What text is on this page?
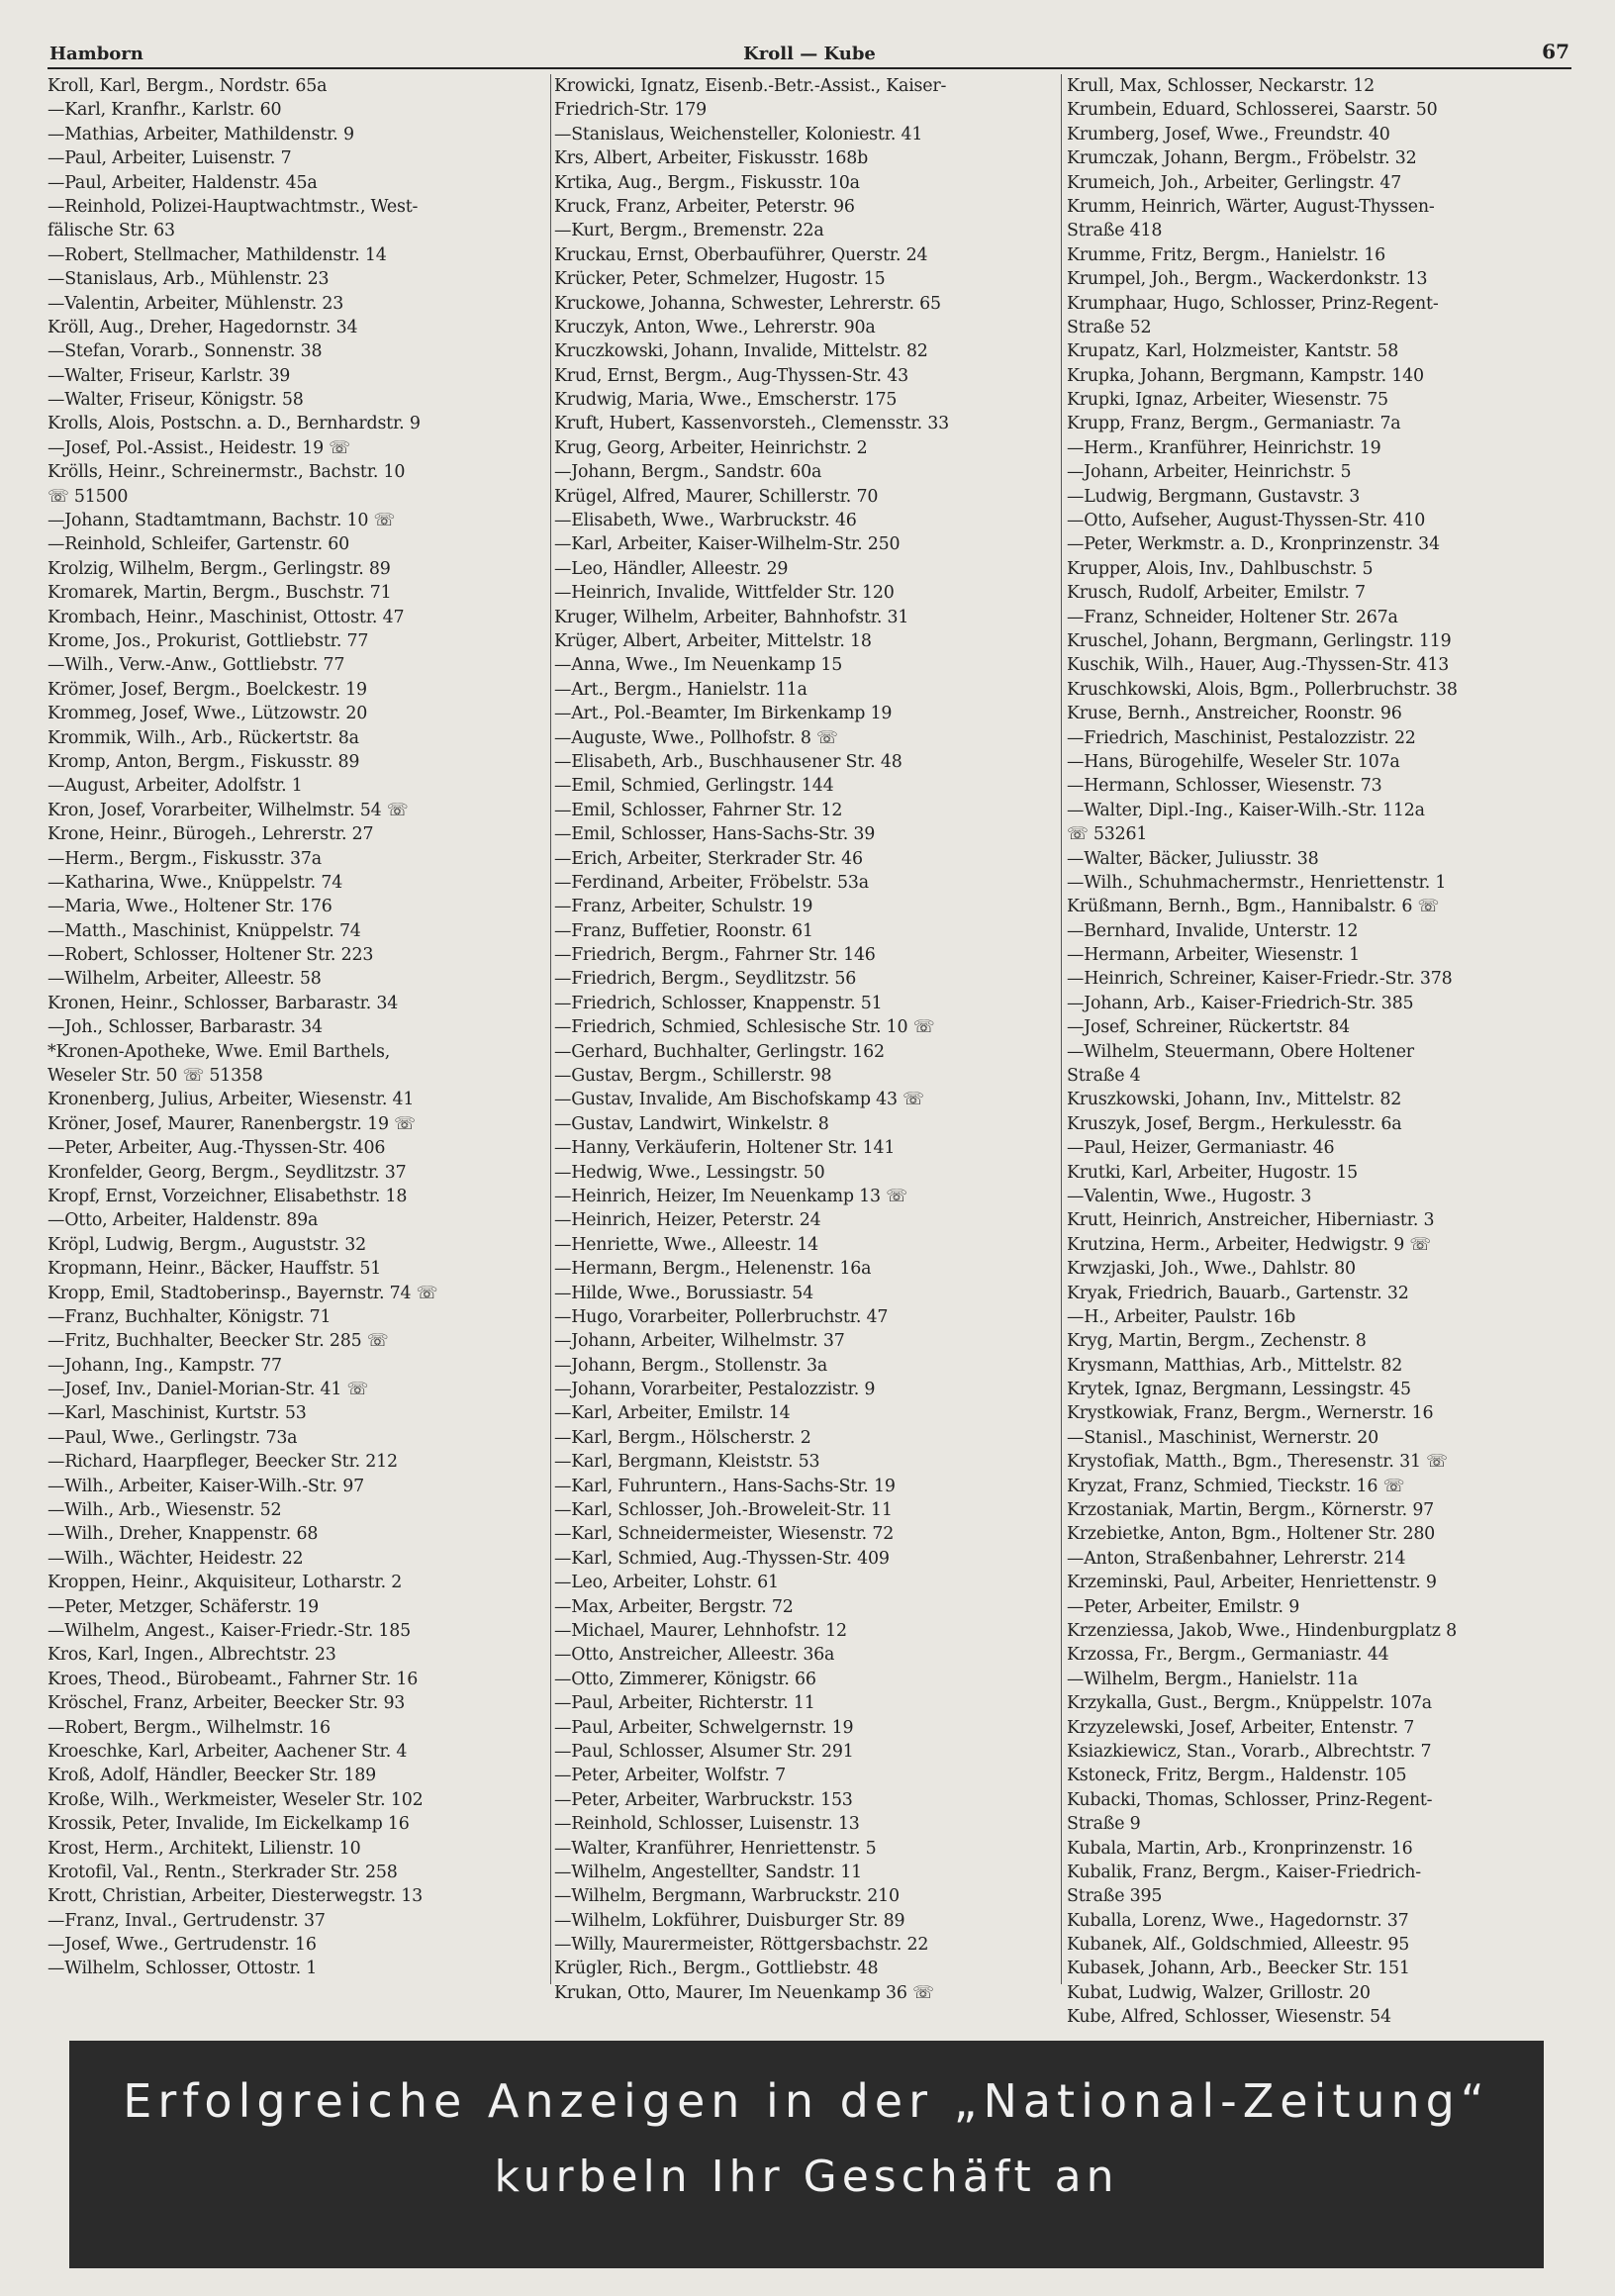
Hamborn	Kroll — Kube	67
Kroll, Karl, Bergm., Nordstr. 65a
—Karl, Kranfhr., Karlstr. 60
—Mathias, Arbeiter, Mathildenstr. 9
—Paul, Arbeiter, Luisenstr. 7
—Paul, Arbeiter, Haldenstr. 45a
—Reinhold, Polizei-Hauptwachtmstr., West-
fälische Str. 63
—Robert, Stellmacher, Mathildenstr. 14
—Stanislaus, Arb., Mühlenstr. 23
—Valentin, Arbeiter, Mühlenstr. 23
Kröll, Aug., Dreher, Hagedornstr. 34
—Stefan, Vorarb., Sonnenstr. 38
—Walter, Friseur, Karlstr. 39
—Walter, Friseur, Königstr. 58
Krolls, Alois, Postschn. a. D., Bernhardstr. 9
—Josef, Pol.-Assist., Heidestr. 19 ☏
Krölls, Heinr., Schreinermstr., Bachstr. 10
☏ 51500
—Johann, Stadtamtmann, Bachstr. 10 ☏
—Reinhold, Schleifer, Gartenstr. 60
Krolzig, Wilhelm, Bergm., Gerlingstr. 89
Kromarek, Martin, Bergm., Buschstr. 71
Krombach, Heinr., Maschinist, Ottostr. 47
Krome, Jos., Prokurist, Gottliebstr. 77
—Wilh., Verw.-Anw., Gottliebstr. 77
Krömer, Josef, Bergm., Boelckestr. 19
Krommeg, Josef, Wwe., Lützowstr. 20
Krommik, Wilh., Arb., Rückertstr. 8a
Kromp, Anton, Bergm., Fiskusstr. 89
—August, Arbeiter, Adolfstr. 1
Kron, Josef, Vorarbeiter, Wilhelmstr. 54 ☏
Krone, Heinr., Bürogeh., Lehrerstr. 27
—Herm., Bergm., Fiskusstr. 37a
—Katharina, Wwe., Knüppelstr. 74
—Maria, Wwe., Holtener Str. 176
—Matth., Maschinist, Knüppelstr. 74
—Robert, Schlosser, Holtener Str. 223
—Wilhelm, Arbeiter, Alleestr. 58
Kronen, Heinr., Schlosser, Barbarastr. 34
—Joh., Schlosser, Barbarastr. 34
*Kronen-Apotheke, Wwe. Emil Barthels,
Weseler Str. 50 ☏ 51358
Kronenberg, Julius, Arbeiter, Wiesenstr. 41
Kröner, Josef, Maurer, Ranenbergstr. 19 ☏
—Peter, Arbeiter, Aug.-Thyssen-Str. 406
Kronfelder, Georg, Bergm., Seydlitzstr. 37
Kropf, Ernst, Vorzeichner, Elisabethstr. 18
—Otto, Arbeiter, Haldenstr. 89a
Kröpl, Ludwig, Bergm., Auguststr. 32
Kropmann, Heinr., Bäcker, Hauffstr. 51
Kropp, Emil, Stadtoberinsp., Bayernstr. 74 ☏
—Franz, Buchhalter, Königstr. 71
—Fritz, Buchhalter, Beecker Str. 285 ☏
—Johann, Ing., Kampstr. 77
—Josef, Inv., Daniel-Morian-Str. 41 ☏
—Karl, Maschinist, Kurtstr. 53
—Paul, Wwe., Gerlingstr. 73a
—Richard, Haarpfleger, Beecker Str. 212
—Wilh., Arbeiter, Kaiser-Wilh.-Str. 97
—Wilh., Arb., Wiesenstr. 52
—Wilh., Dreher, Knappenstr. 68
—Wilh., Wächter, Heidestr. 22
Kroppen, Heinr., Akquisiteur, Lotharstr. 2
—Peter, Metzger, Schäferstr. 19
—Wilhelm, Angest., Kaiser-Friedr.-Str. 185
Kros, Karl, Ingen., Albrechtstr. 23
Kroes, Theod., Bürobeamt., Fahrner Str. 16
Kröschel, Franz, Arbeiter, Beecker Str. 93
—Robert, Bergm., Wilhelmstr. 16
Kroeschke, Karl, Arbeiter, Aachener Str. 4
Kroß, Adolf, Händler, Beecker Str. 189
Kroße, Wilh., Werkmeister, Weseler Str. 102
Krossik, Peter, Invalide, Im Eickelkamp 16
Krost, Herm., Architekt, Lilienstr. 10
Krotofil, Val., Rentn., Sterkrader Str. 258
Krott, Christian, Arbeiter, Diesterwegstr. 13
—Franz, Inval., Gertrudenstr. 37
—Josef, Wwe., Gertrudenstr. 16
—Wilhelm, Schlosser, Ottostr. 1
Krowicki, Ignatz, Eisenb.-Betr.-Assist., Kaiser-
Friedrich-Str. 179
—Stanislaus, Weichensteller, Koloniestr. 41
Krs, Albert, Arbeiter, Fiskusstr. 168b
Krtika, Aug., Bergm., Fiskusstr. 10a
Kruck, Franz, Arbeiter, Peterstr. 96
—Kurt, Bergm., Bremenstr. 22a
Kruckau, Ernst, Oberbauführer, Querstr. 24
Krücker, Peter, Schmelzer, Hugostr. 15
Kruckowe, Johanna, Schwester, Lehrerstr. 65
Kruczyk, Anton, Wwe., Lehrerstr. 90a
Kruczkowski, Johann, Invalide, Mittelstr. 82
Krud, Ernst, Bergm., Aug-Thyssen-Str. 43
Krudwig, Maria, Wwe., Emscherstr. 175
Kruft, Hubert, Kassenvorsteh., Clemensstr. 33
Krug, Georg, Arbeiter, Heinrichstr. 2
—Johann, Bergm., Sandstr. 60a
Krügel, Alfred, Maurer, Schillerstr. 70
—Elisabeth, Wwe., Warbruckstr. 46
—Karl, Arbeiter, Kaiser-Wilhelm-Str. 250
—Leo, Händler, Alleestr. 29
—Heinrich, Invalide, Wittfelder Str. 120
Kruger, Wilhelm, Arbeiter, Bahnhofstr. 31
Krüger, Albert, Arbeiter, Mittelstr. 18
—Anna, Wwe., Im Neuenkamp 15
—Art., Bergm., Hanielstr. 11a
—Art., Pol.-Beamter, Im Birkenkamp 19
—Auguste, Wwe., Pollhofstr. 8 ☏
—Elisabeth, Arb., Buschhausener Str. 48
—Emil, Schmied, Gerlingstr. 144
—Emil, Schlosser, Fahrner Str. 12
—Emil, Schlosser, Hans-Sachs-Str. 39
—Erich, Arbeiter, Sterkrader Str. 46
—Ferdinand, Arbeiter, Fröbelstr. 53a
—Franz, Arbeiter, Schulstr. 19
—Franz, Buffetier, Roonstr. 61
—Friedrich, Bergm., Fahrner Str. 146
—Friedrich, Bergm., Seydlitzstr. 56
—Friedrich, Schlosser, Knappenstr. 51
—Friedrich, Schmied, Schlesische Str. 10 ☏
—Gerhard, Buchhalter, Gerlingstr. 162
—Gustav, Bergm., Schillerstr. 98
—Gustav, Invalide, Am Bischofskamp 43 ☏
—Gustav, Landwirt, Winkelstr. 8
—Hanny, Verkäuferin, Holtener Str. 141
—Hedwig, Wwe., Lessingstr. 50
—Heinrich, Heizer, Im Neuenkamp 13 ☏
—Heinrich, Heizer, Peterstr. 24
—Henriette, Wwe., Alleestr. 14
—Hermann, Bergm., Helenenstr. 16a
—Hilde, Wwe., Borussiastr. 54
—Hugo, Vorarbeiter, Pollerbruchstr. 47
—Johann, Arbeiter, Wilhelmstr. 37
—Johann, Bergm., Stollenstr. 3a
—Johann, Vorarbeiter, Pestalozzistr. 9
—Karl, Arbeiter, Emilstr. 14
—Karl, Bergm., Hölscherstr. 2
—Karl, Bergmann, Kleiststr. 53
—Karl, Fuhruntern., Hans-Sachs-Str. 19
—Karl, Schlosser, Joh.-Broweleit-Str. 11
—Karl, Schneidermeister, Wiesenstr. 72
—Karl, Schmied, Aug.-Thyssen-Str. 409
—Leo, Arbeiter, Lohstr. 61
—Max, Arbeiter, Bergstr. 72
—Michael, Maurer, Lehnhofstr. 12
—Otto, Anstreicher, Alleestr. 36a
—Otto, Zimmerer, Königstr. 66
—Paul, Arbeiter, Richterstr. 11
—Paul, Arbeiter, Schwelgernstr. 19
—Paul, Schlosser, Alsumer Str. 291
—Peter, Arbeiter, Wolfstr. 7
—Peter, Arbeiter, Warbruckstr. 153
—Reinhold, Schlosser, Luisenstr. 13
—Walter, Kranführer, Henriettenstr. 5
—Wilhelm, Angestellter, Sandstr. 11
—Wilhelm, Bergmann, Warbruckstr. 210
—Wilhelm, Lokführer, Duisburger Str. 89
—Willy, Maurermeister, Röttgersbachstr. 22
Krügler, Rich., Bergm., Gottliebstr. 48
Krukan, Otto, Maurer, Im Neuenkamp 36 ☏
Krull, Max, Schlosser, Neckarstr. 12
Krumbein, Eduard, Schlosserei, Saarstr. 50
Krumberg, Josef, Wwe., Freundstr. 40
Krumczak, Johann, Bergm., Fröbelstr. 32
Krumeich, Joh., Arbeiter, Gerlingstr. 47
Krumm, Heinrich, Wärter, August-Thyssen-
Straße 418
Krumme, Fritz, Bergm., Hanielstr. 16
Krumpel, Joh., Bergm., Wackerdonkstr. 13
Krumphaar, Hugo, Schlosser, Prinz-Regent-
Straße 52
Krupatz, Karl, Holzmeister, Kantstr. 58
Krupka, Johann, Bergmann, Kampstr. 140
Krupki, Ignaz, Arbeiter, Wiesenstr. 75
Krupp, Franz, Bergm., Germaniastr. 7a
—Herm., Kranführer, Heinrichstr. 19
—Johann, Arbeiter, Heinrichstr. 5
—Ludwig, Bergmann, Gustavstr. 3
—Otto, Aufseher, August-Thyssen-Str. 410
—Peter, Werkmstr. a. D., Kronprinzenstr. 34
Krupper, Alois, Inv., Dahlbuschstr. 5
Krusch, Rudolf, Arbeiter, Emilstr. 7
—Franz, Schneider, Holtener Str. 267a
Kruschel, Johann, Bergmann, Gerlingstr. 119
Kuschik, Wilh., Hauer, Aug.-Thyssen-Str. 413
Kruschkowski, Alois, Bgm., Pollerbruchstr. 38
Kruse, Bernh., Anstreicher, Roonstr. 96
—Friedrich, Maschinist, Pestalozzistr. 22
—Hans, Bürogehilfe, Weseler Str. 107a
—Hermann, Schlosser, Wiesenstr. 73
—Walter, Dipl.-Ing., Kaiser-Wilh.-Str. 112a
☏ 53261
—Walter, Bäcker, Juliusstr. 38
—Wilh., Schuhmachermstr., Henriettenstr. 1
Krüßmann, Bernh., Bgm., Hannibalstr. 6 ☏
—Bernhard, Invalide, Unterstr. 12
—Hermann, Arbeiter, Wiesenstr. 1
—Heinrich, Schreiner, Kaiser-Friedr.-Str. 378
—Johann, Arb., Kaiser-Friedrich-Str. 385
—Josef, Schreiner, Rückertstr. 84
—Wilhelm, Steuermann, Obere Holtener
Straße 4
Kruszkowski, Johann, Inv., Mittelstr. 82
Kruszyk, Josef, Bergm., Herkulesstr. 6a
—Paul, Heizer, Germaniastr. 46
Krutki, Karl, Arbeiter, Hugostr. 15
—Valentin, Wwe., Hugostr. 3
Krutt, Heinrich, Anstreicher, Hiberniastr. 3
Krutzina, Herm., Arbeiter, Hedwigstr. 9 ☏
Krwzjaski, Joh., Wwe., Dahlstr. 80
Kryak, Friedrich, Bauarb., Gartenstr. 32
—H., Arbeiter, Paulstr. 16b
Kryg, Martin, Bergm., Zechenstr. 8
Krysmann, Matthias, Arb., Mittelstr. 82
Krytek, Ignaz, Bergmann, Lessingstr. 45
Krystkowiak, Franz, Bergm., Wernerstr. 16
—Stanisl., Maschinist, Wernerstr. 20
Krystofiak, Matth., Bgm., Theresenstr. 31 ☏
Kryzat, Franz, Schmied, Tieckstr. 16 ☏
Krzostaniak, Martin, Bergm., Körnerstr. 97
Krzebietke, Anton, Bgm., Holtener Str. 280
—Anton, Straßenbahner, Lehrerstr. 214
Krzeminski, Paul, Arbeiter, Henriettenstr. 9
—Peter, Arbeiter, Emilstr. 9
Krzenziessa, Jakob, Wwe., Hindenburgplatz 8
Krzossa, Fr., Bergm., Germaniastr. 44
—Wilhelm, Bergm., Hanielstr. 11a
Krzykalla, Gust., Bergm., Knüppelstr. 107a
Krzyzelewski, Josef, Arbeiter, Entenstr. 7
Ksiazkiewicz, Stan., Vorarb., Albrechtstr. 7
Kstoneck, Fritz, Bergm., Haldenstr. 105
Kubacki, Thomas, Schlosser, Prinz-Regent-
Straße 9
Kubala, Martin, Arb., Kronprinzenstr. 16
Kubalik, Franz, Bergm., Kaiser-Friedrich-
Straße 395
Kuballa, Lorenz, Wwe., Hagedornstr. 37
Kubanek, Alf., Goldschmied, Alleestr. 95
Kubasek, Johann, Arb., Beecker Str. 151
Kubat, Ludwig, Walzer, Grillostr. 20
Kube, Alfred, Schlosser, Wiesenstr. 54
Erfolgreiche Anzeigen in der „National-Zeitung“
kurbeln Ihr Geschäft an
